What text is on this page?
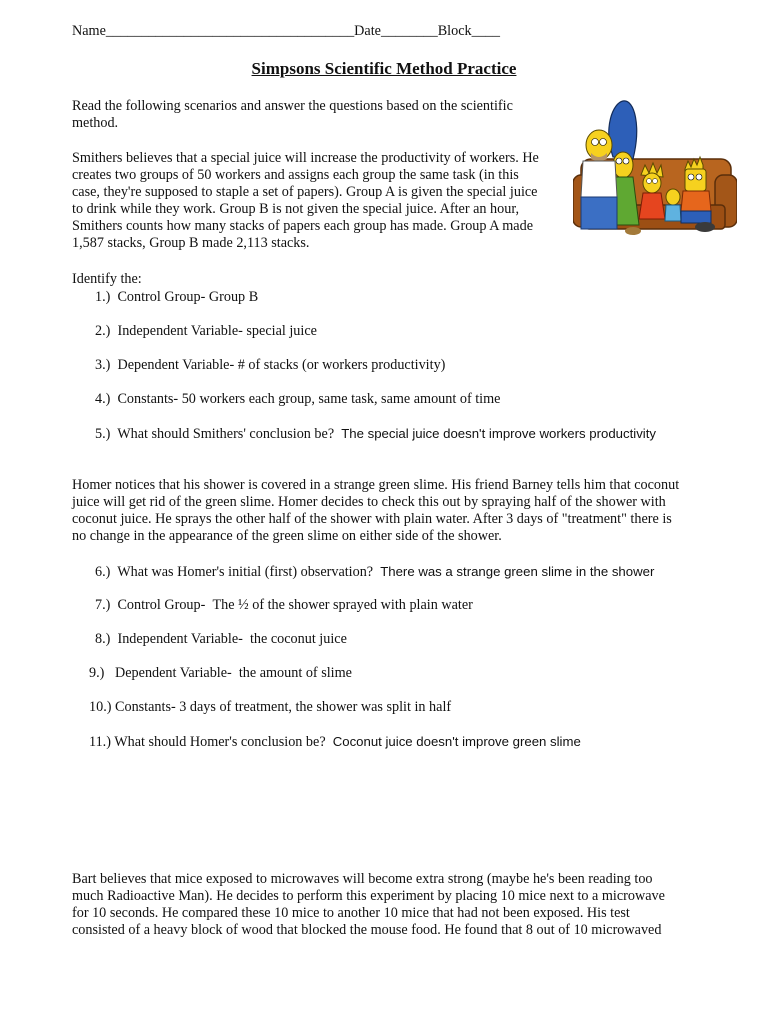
Name___________________________________Date________Block____
Simpsons Scientific Method Practice
Read the following scenarios and answer the questions based on the scientific
method.
Smithers believes that a special juice will increase the productivity of workers. He
creates two groups of 50 workers and assigns each group the same task (in this
case, they're supposed to staple a set of papers). Group A is given the special juice
to drink while they work. Group B is not given the special juice. After an hour,
Smithers counts how many stacks of papers each group has made. Group A made
1,587 stacks, Group B made 2,113 stacks.
Identify the:
1.) Control Group- Group B
2.) Independent Variable- special juice
3.) Dependent Variable- # of stacks (or workers productivity)
4.) Constants- 50 workers each group, same task, same amount of time
5.) What should Smithers' conclusion be? The special juice doesn't improve workers productivity
Homer notices that his shower is covered in a strange green slime. His friend Barney tells him that coconut
juice will get rid of the green slime. Homer decides to check this out by spraying half of the shower with
coconut juice. He sprays the other half of the shower with plain water. After 3 days of "treatment" there is
no change in the appearance of the green slime on either side of the shower.
6.) What was Homer's initial (first) observation? There was a strange green slime in the shower
7.) Control Group- The ½ of the shower sprayed with plain water
8.) Independent Variable- the coconut juice
9.) Dependent Variable- the amount of slime
10.) Constants- 3 days of treatment, the shower was split in half
11.) What should Homer's conclusion be? Coconut juice doesn't improve green slime
Bart believes that mice exposed to microwaves will become extra strong (maybe he's been reading too
much Radioactive Man). He decides to perform this experiment by placing 10 mice next to a microwave
for 10 seconds. He compared these 10 mice to another 10 mice that had not been exposed. His test
consisted of a heavy block of wood that blocked the mouse food. He found that 8 out of 10 microwaved
